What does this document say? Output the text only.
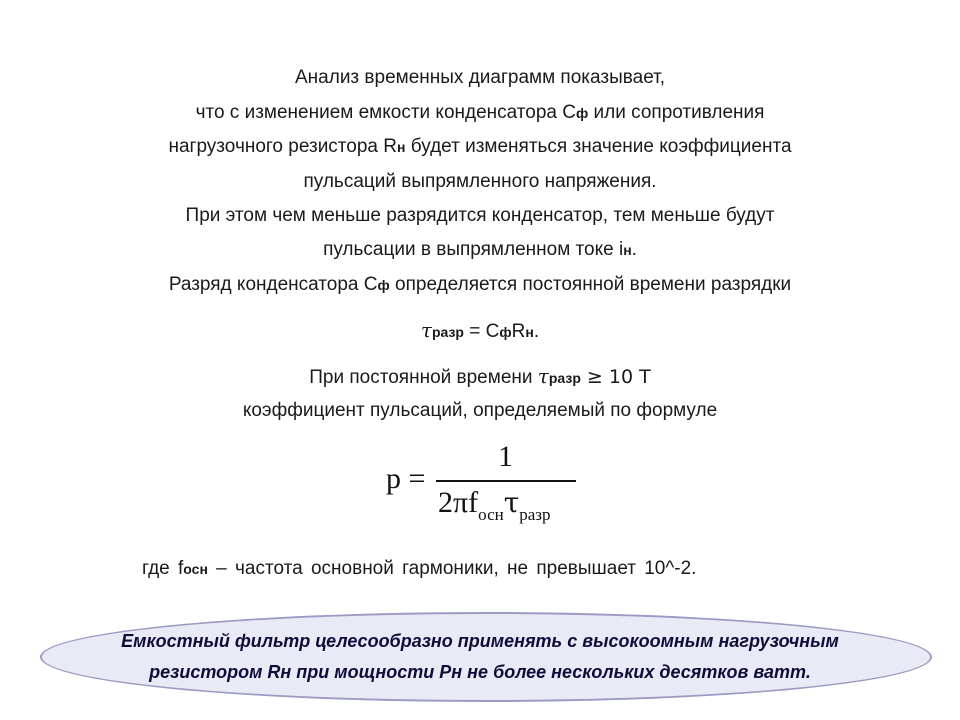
Анализ временных диаграмм показывает,
что с изменением емкости конденсатора Сф или сопротивления
нагрузочного резистора Rн будет изменяться значение коэффициента
пульсаций выпрямленного напряжения.
При этом чем меньше разрядится конденсатор, тем меньше будут
пульсации в выпрямленном токе iн.
Разряд конденсатора Сф определяется постоянной времени разрядки
τразр = СфRн.
При постоянной времени τразр ≥ 10 Т
коэффициент пульсаций, определяемый по формуле
p =
1
$2\pi f_{осн}\tau_{разр}$
где fосн – частота основной гармоники, не превышает 10^-2.
Емкостный фильтр целесообразно применять с высокоомным нагрузочным
резистором Rн при мощности Pн не более нескольких десятков ватт.
